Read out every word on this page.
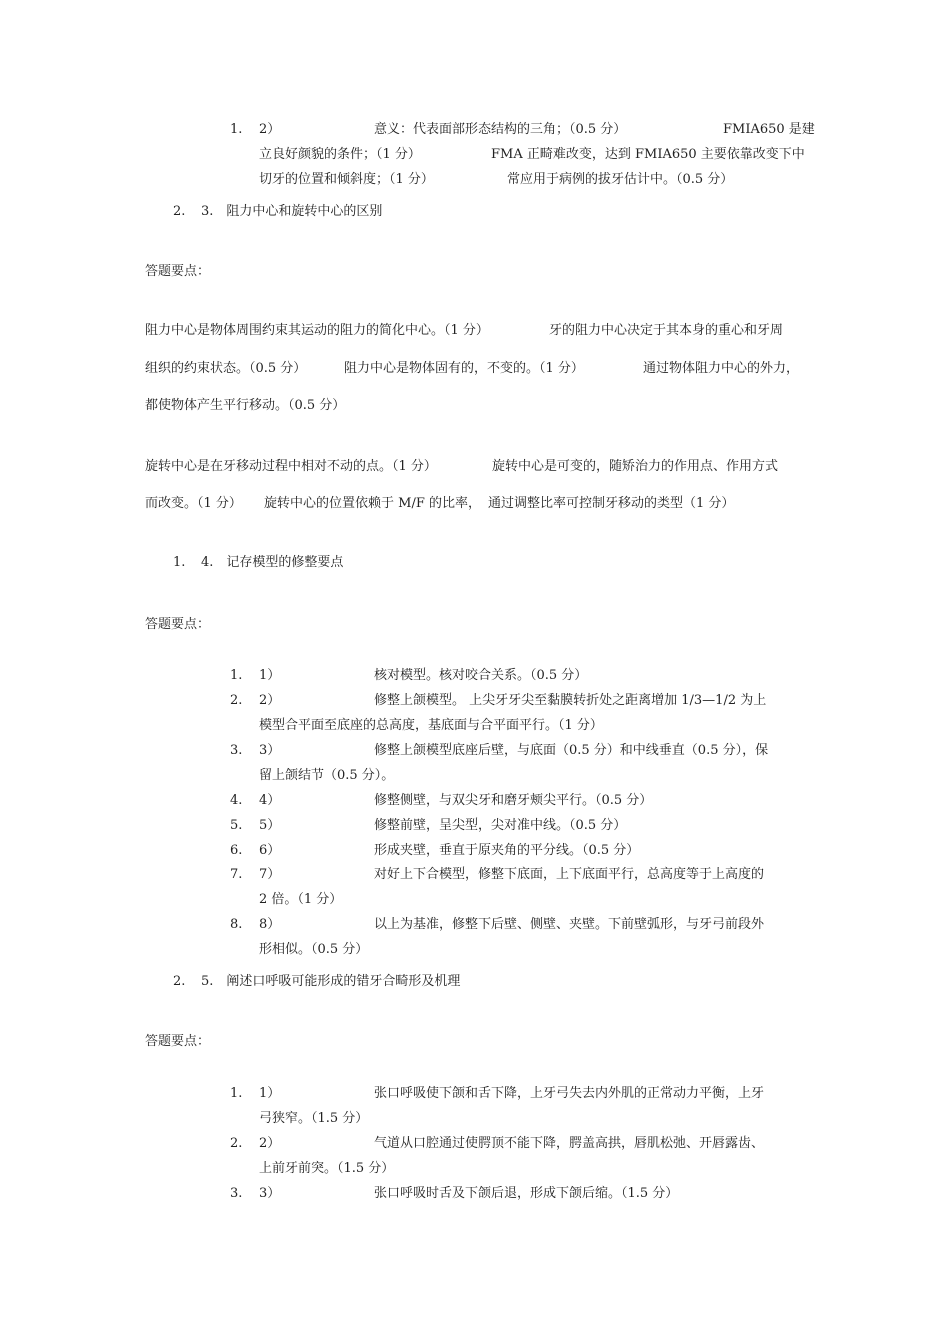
1. 2）	意义：代表面部形态结构的三角；（0.5 分）	FMIA650 是建
立良好颜貌的条件；（1 分）	FMA 正畸难改变，达到 FMIA650 主要依靠改变下中
切牙的位置和倾斜度；（1 分）	常应用于病例的拔牙估计中。（0.5 分）
2. 3.　阻力中心和旋转中心的区别
答题要点：
阻力中心是物体周围约束其运动的阻力的简化中心。（1 分）	牙的阻力中心决定于其本身的重心和牙周
组织的约束状态。（0.5 分）	阻力中心是物体固有的，不变的。（1 分）	通过物体阻力中心的外力，
都使物体产生平行移动。（0.5 分）
旋转中心是在牙移动过程中相对不动的点。（1 分）	旋转中心是可变的，随矫治力的作用点、作用方式
而改变。（1 分） 旋转中心的位置依赖于 M/F 的比率， 通过调整比率可控制牙移动的类型（1 分）
1. 4.　记存模型的修整要点
答题要点：
1. 1）	核对模型。核对咬合关系。（0.5 分）
2. 2）	修整上颌模型。 上尖牙牙尖至黏膜转折处之距离增加 1/3—1/2 为上
模型合平面至底座的总高度，基底面与合平面平行。（1 分）
3. 3）	修整上颌模型底座后壁，与底面（0.5 分）和中线垂直（0.5 分），保
留上颌结节（0.5 分）。
4. 4）	修整侧壁，与双尖牙和磨牙颊尖平行。（0.5 分）
5. 5）	修整前壁，呈尖型，尖对准中线。（0.5 分）
6. 6）	形成夹壁，垂直于原夹角的平分线。（0.5 分）
7. 7）	对好上下合模型，修整下底面，上下底面平行，总高度等于上高度的
2 倍。（1 分）
8. 8）	以上为基准，修整下后壁、侧壁、夹壁。下前壁弧形，与牙弓前段外
形相似。（0.5 分）
2. 5.　阐述口呼吸可能形成的错牙合畸形及机理
答题要点：
1. 1）	张口呼吸使下颌和舌下降，上牙弓失去内外肌的正常动力平衡，上牙
弓狭窄。（1.5 分）
2. 2）	气道从口腔通过使腭顶不能下降，腭盖高拱，唇肌松弛、开唇露齿、
上前牙前突。（1.5 分）
3. 3）	张口呼吸时舌及下颌后退，形成下颌后缩。（1.5 分）
